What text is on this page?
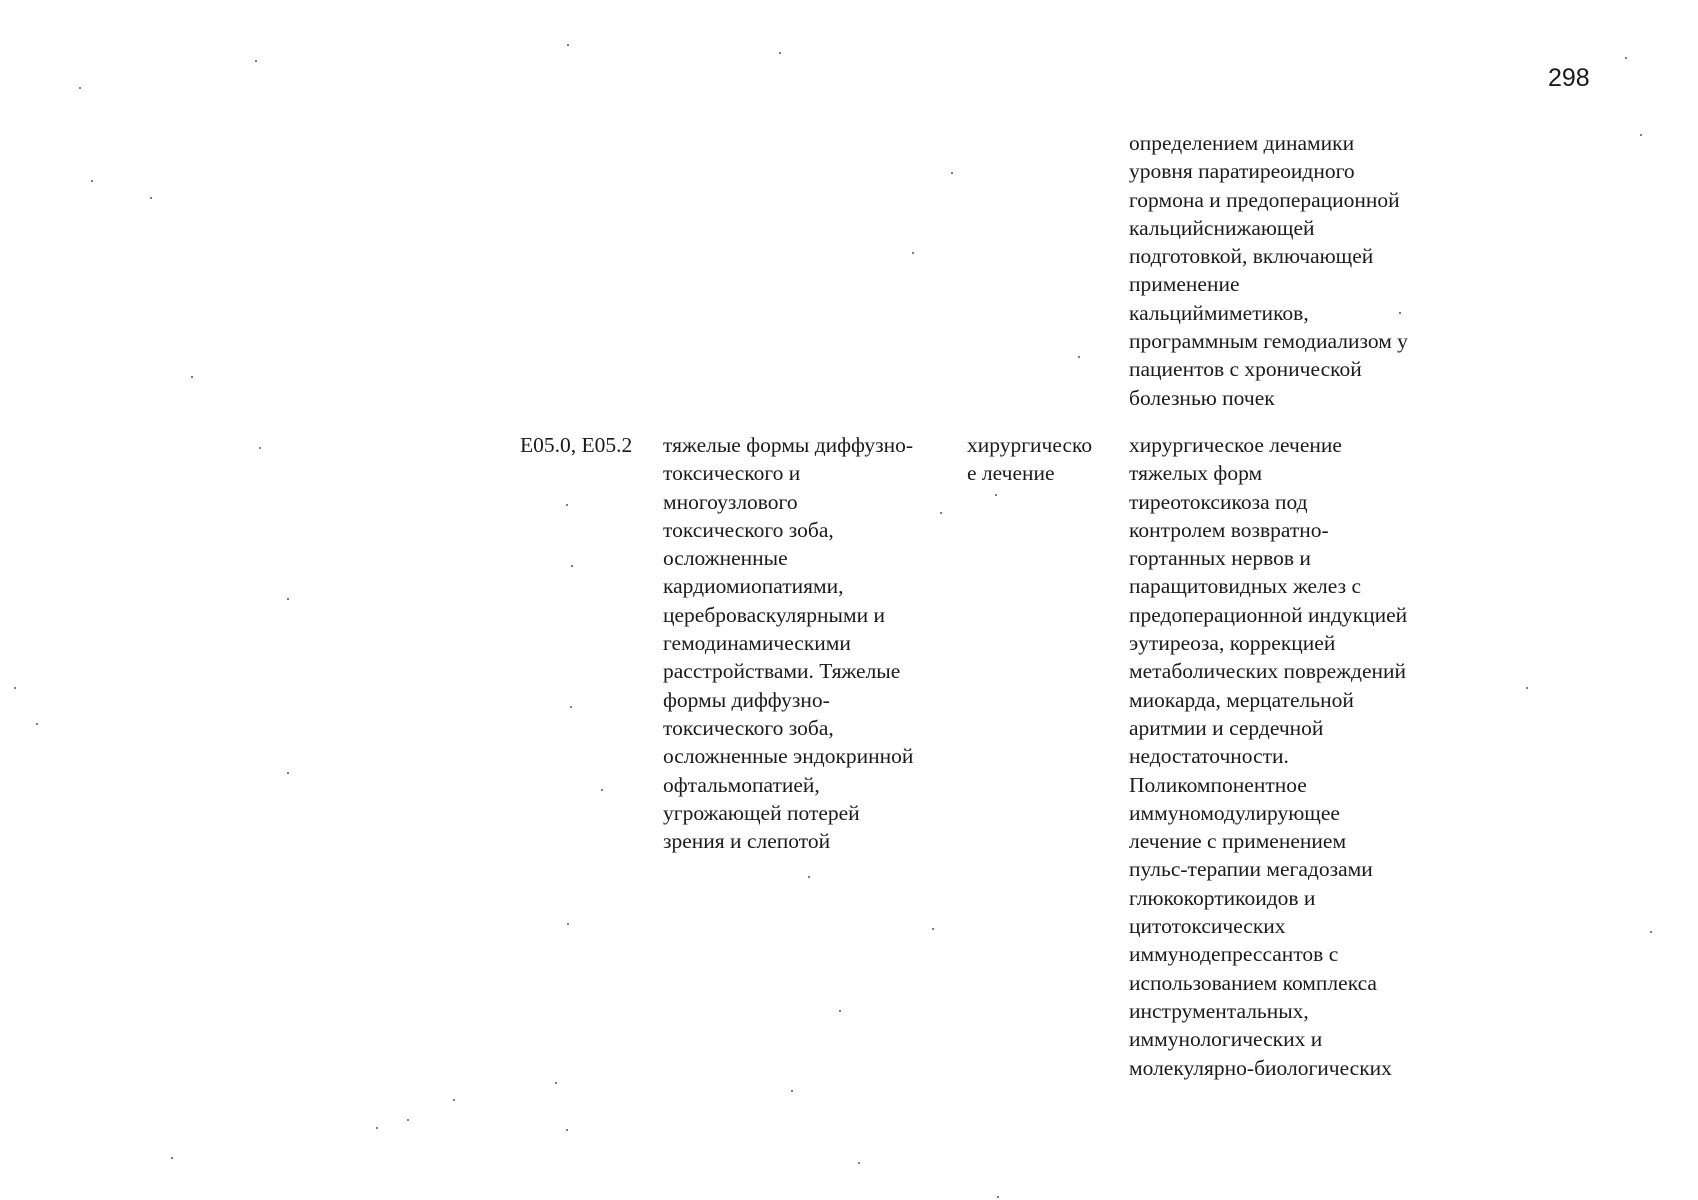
298
определением динамики
уровня паратиреоидного
гормона и предоперационной
кальцийснижающей
подготовкой, включающей
применение
кальциймиметиков,
программным гемодиализом у
пациентов с хронической
болезнью почек
E05.0, E05.2 тяжелые формы диффузно-
токсического и
многоузлового
токсического зоба,
осложненные
кардиомиопатиями,
цереброваскулярными и
гемодинамическими
расстройствами. Тяжелые
формы диффузно-
токсического зоба,
осложненные эндокринной
офтальмопатией,
угрожающей потерей
зрения и слепотой
хирургическо
е лечение
хирургическое лечение
тяжелых форм
тиреотоксикоза под
контролем возвратно-
гортанных нервов и
паращитовидных желез с
предоперационной индукцией
эутиреоза, коррекцией
метаболических повреждений
миокарда, мерцательной
аритмии и сердечной
недостаточности.
Поликомпонентное
иммуномодулирующее
лечение с применением
пульс-терапии мегадозами
глюкокортикоидов и
цитотоксических
иммунодепрессантов с
использованием комплекса
инструментальных,
иммунологических и
молекулярно-биологических
